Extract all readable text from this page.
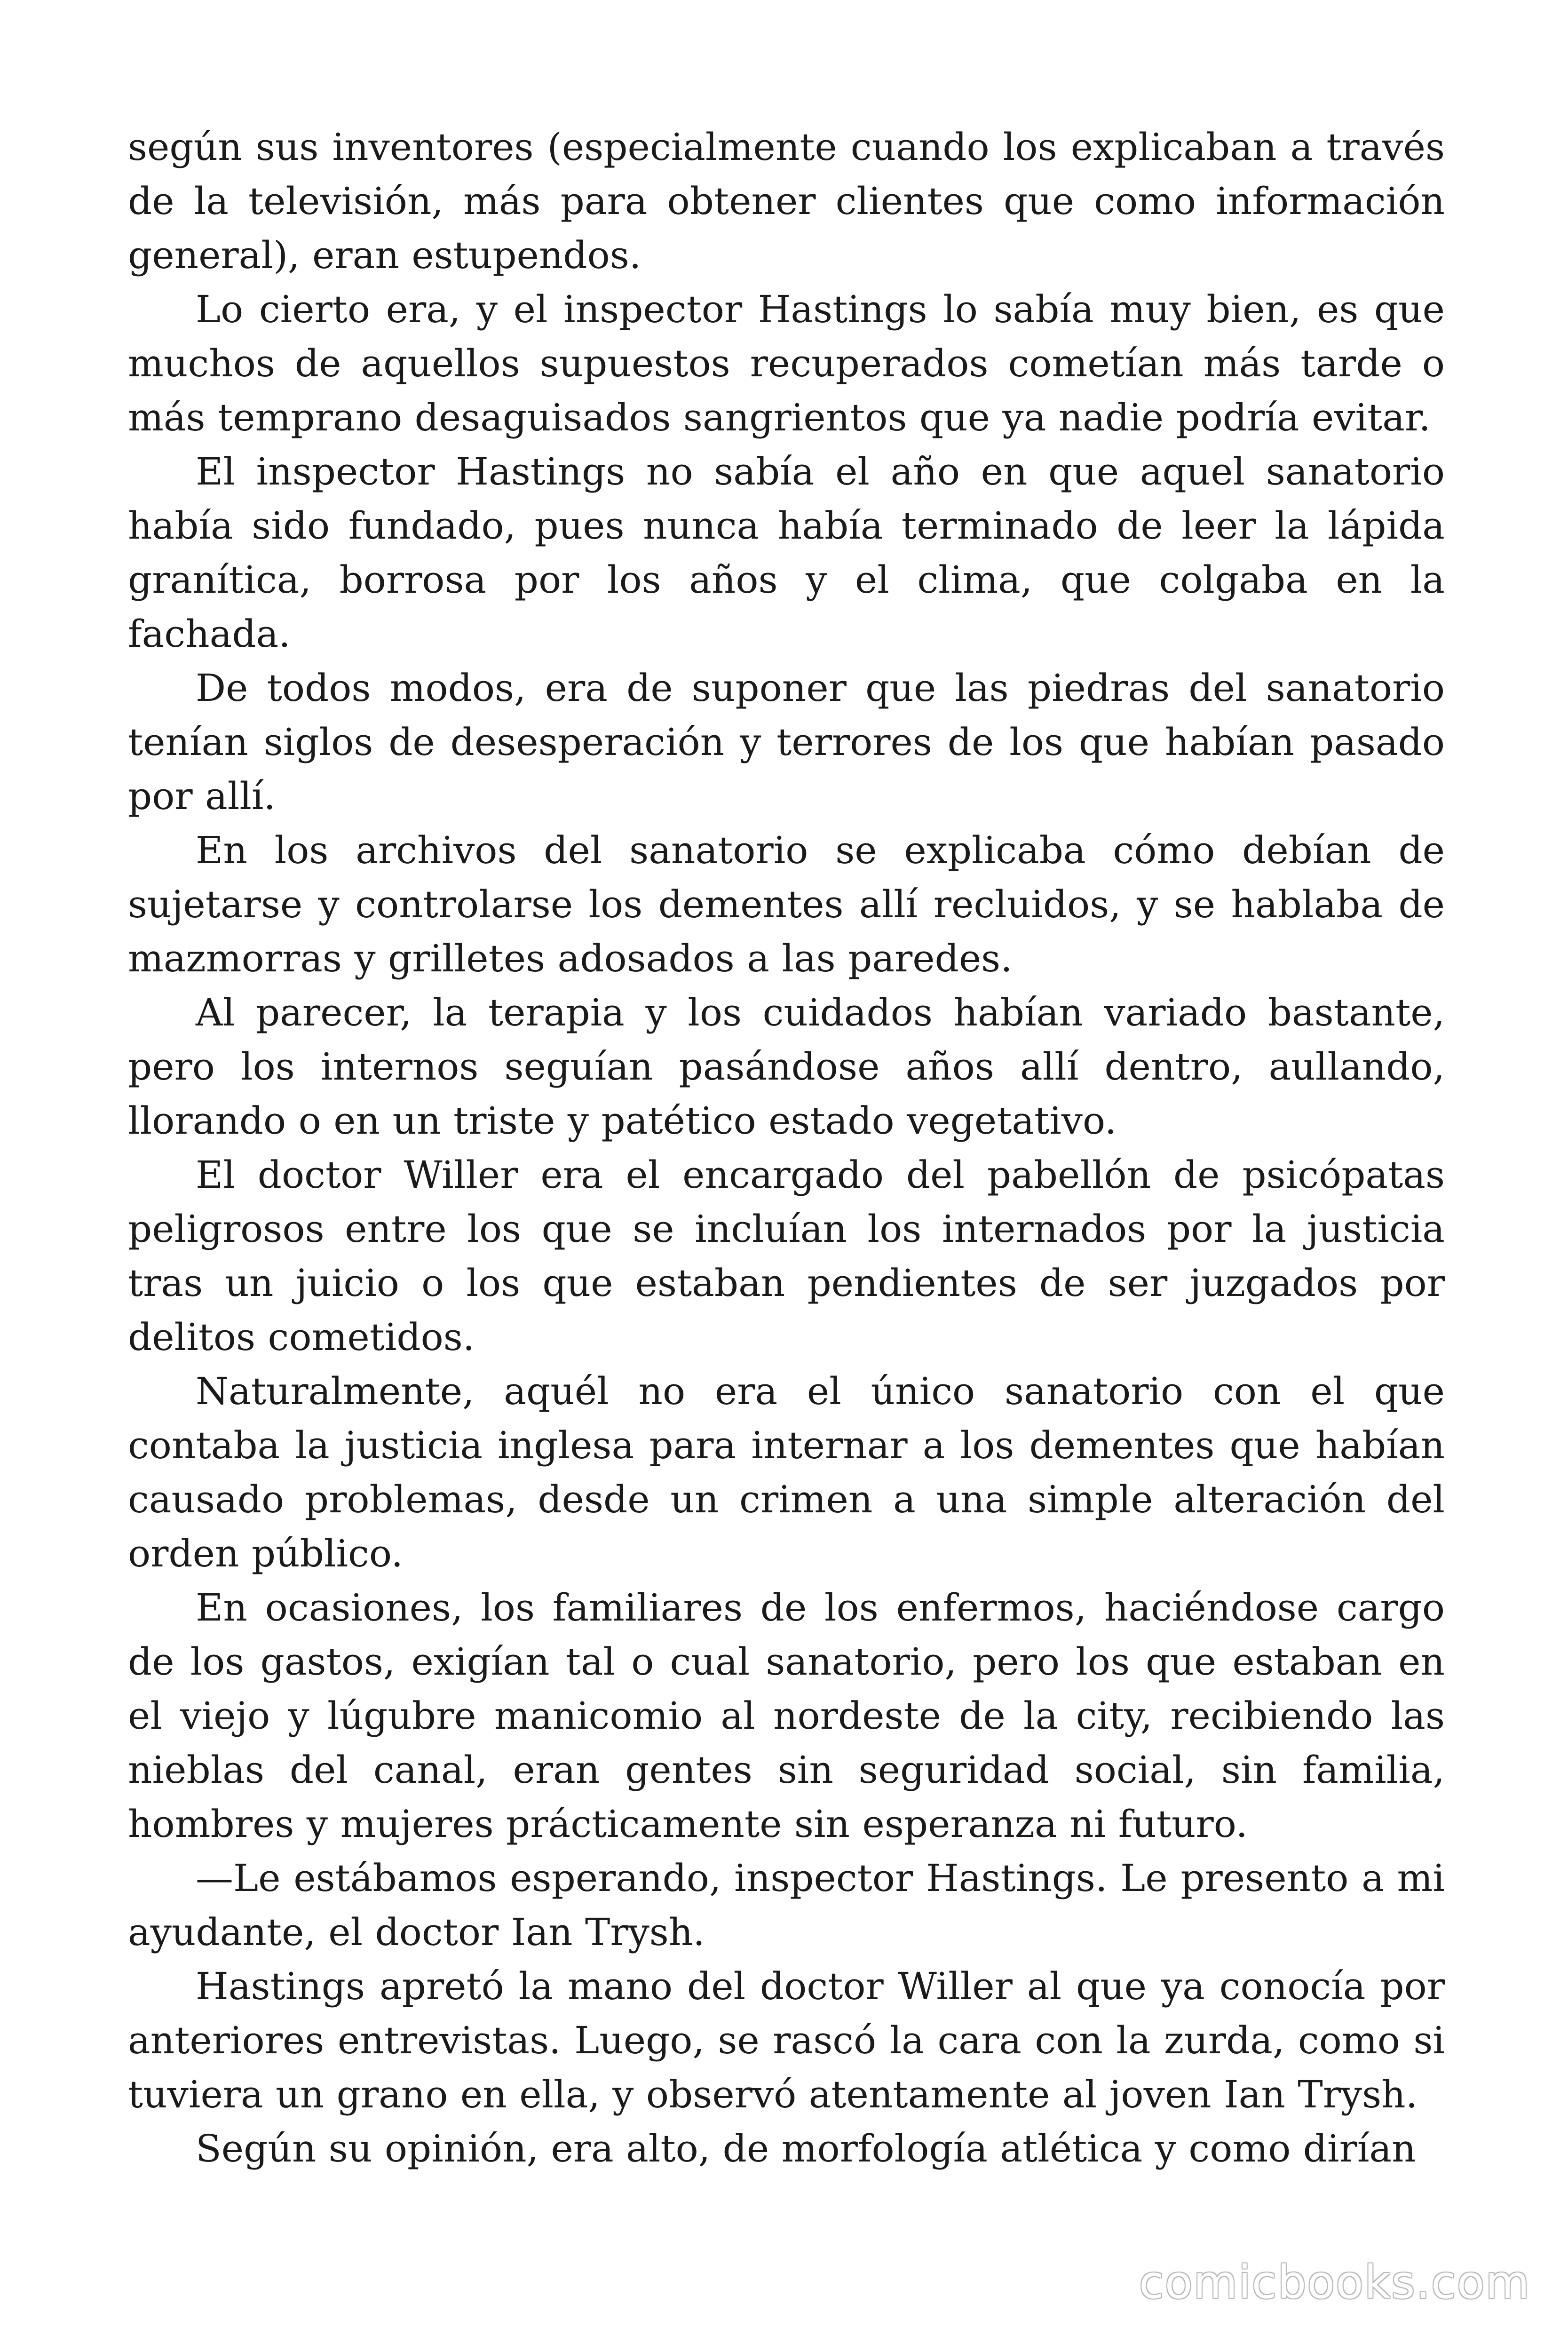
según sus inventores (especialmente cuando los explicaban a través de la televisión, más para obtener clientes que como información general), eran estupendos.

Lo cierto era, y el inspector Hastings lo sabía muy bien, es que muchos de aquellos supuestos recuperados cometían más tarde o más temprano desaguisados sangrientos que ya nadie podría evitar.

El inspector Hastings no sabía el año en que aquel sanatorio había sido fundado, pues nunca había terminado de leer la lápida granítica, borrosa por los años y el clima, que colgaba en la fachada.

De todos modos, era de suponer que las piedras del sanatorio tenían siglos de desesperación y terrores de los que habían pasado por allí.

En los archivos del sanatorio se explicaba cómo debían de sujetarse y controlarse los dementes allí recluidos, y se hablaba de mazmorras y grilletes adosados a las paredes.

Al parecer, la terapia y los cuidados habían variado bastante, pero los internos seguían pasándose años allí dentro, aullando, llorando o en un triste y patético estado vegetativo.

El doctor Willer era el encargado del pabellón de psicópatas peligrosos entre los que se incluían los internados por la justicia tras un juicio o los que estaban pendientes de ser juzgados por delitos cometidos.

Naturalmente, aquél no era el único sanatorio con el que contaba la justicia inglesa para internar a los dementes que habían causado problemas, desde un crimen a una simple alteración del orden público.

En ocasiones, los familiares de los enfermos, haciéndose cargo de los gastos, exigían tal o cual sanatorio, pero los que estaban en el viejo y lúgubre manicomio al nordeste de la city, recibiendo las nieblas del canal, eran gentes sin seguridad social, sin familia, hombres y mujeres prácticamente sin esperanza ni futuro.

—Le estábamos esperando, inspector Hastings. Le presento a mi ayudante, el doctor Ian Trysh.

Hastings apretó la mano del doctor Willer al que ya conocía por anteriores entrevistas. Luego, se rascó la cara con la zurda, como si tuviera un grano en ella, y observó atentamente al joven Ian Trysh.

Según su opinión, era alto, de morfología atlética y como dirían

comicbooks.com
